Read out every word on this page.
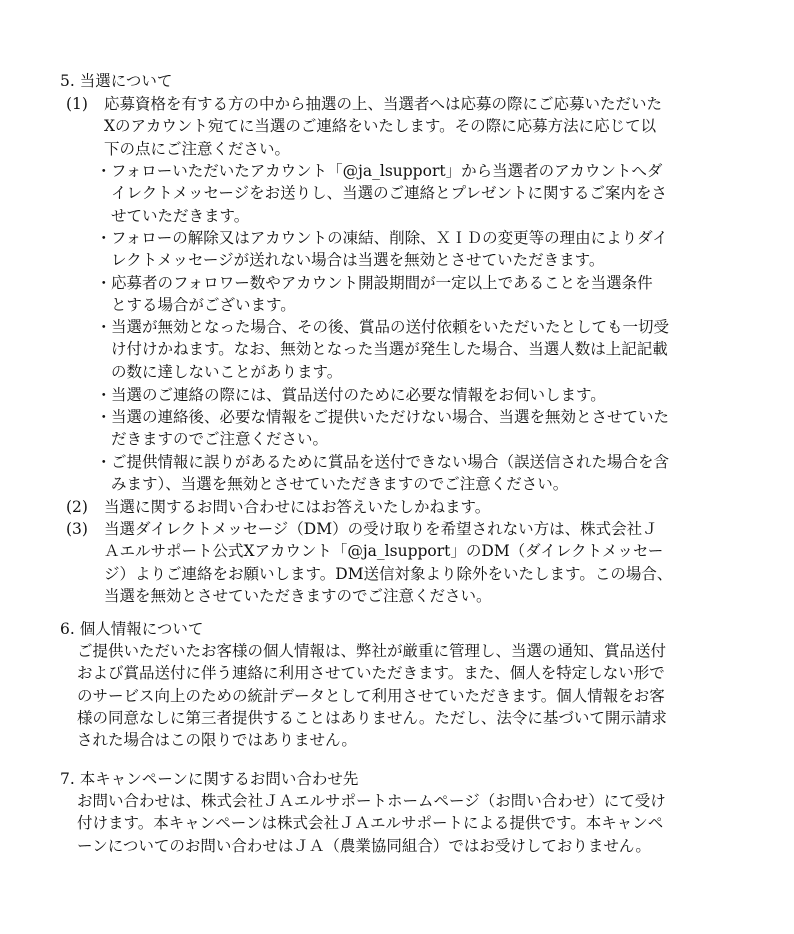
5. 当選について
(1) 応募資格を有する方の中から抽選の上、当選者へは応募の際にご応募いただいた
Xのアカウント宛てに当選のご連絡をいたします。その際に応募方法に応じて以
下の点にご注意ください。
・ フォローいただいたアカウント「@ja_lsupport」から当選者のアカウントへダ
イレクトメッセージをお送りし、当選のご連絡とプレゼントに関するご案内をさ
せていただきます。
・ フォローの解除又はアカウントの凍結、削除、ＸＩＤの変更等の理由によりダイ
レクトメッセージが送れない場合は当選を無効とさせていただきます。
・ 応募者のフォロワー数やアカウント開設期間が一定以上であることを当選条件
とする場合がございます。
・ 当選が無効となった場合、その後、賞品の送付依頼をいただいたとしても一切受
け付けかねます。なお、無効となった当選が発生した場合、当選人数は上記記載
の数に達しないことがあります。
・ 当選のご連絡の際には、賞品送付のために必要な情報をお伺いします。
・ 当選の連絡後、必要な情報をご提供いただけない場合、当選を無効とさせていた
だきますのでご注意ください。
・ ご提供情報に誤りがあるために賞品を送付できない場合（誤送信された場合を含
みます）、当選を無効とさせていただきますのでご注意ください。
(2) 当選に関するお問い合わせにはお答えいたしかねます。
(3) 当選ダイレクトメッセージ（DM）の受け取りを希望されない方は、株式会社Ｊ
Ａエルサポート公式Xアカウント「@ja_lsupport」のDM（ダイレクトメッセー
ジ）よりご連絡をお願いします。DM送信対象より除外をいたします。この場合、
当選を無効とさせていただきますのでご注意ください。
6. 個人情報について
ご提供いただいたお客様の個人情報は、弊社が厳重に管理し、当選の通知、賞品送付
および賞品送付に伴う連絡に利用させていただきます。また、個人を特定しない形で
のサービス向上のための統計データとして利用させていただきます。個人情報をお客
様の同意なしに第三者提供することはありません。ただし、法令に基づいて開示請求
された場合はこの限りではありません。
7. 本キャンペーンに関するお問い合わせ先
お問い合わせは、株式会社ＪＡエルサポートホームページ（お問い合わせ）にて受け
付けます。本キャンペーンは株式会社ＪＡエルサポートによる提供です。本キャンペ
ーンについてのお問い合わせはＪＡ（農業協同組合）ではお受けしておりません。
